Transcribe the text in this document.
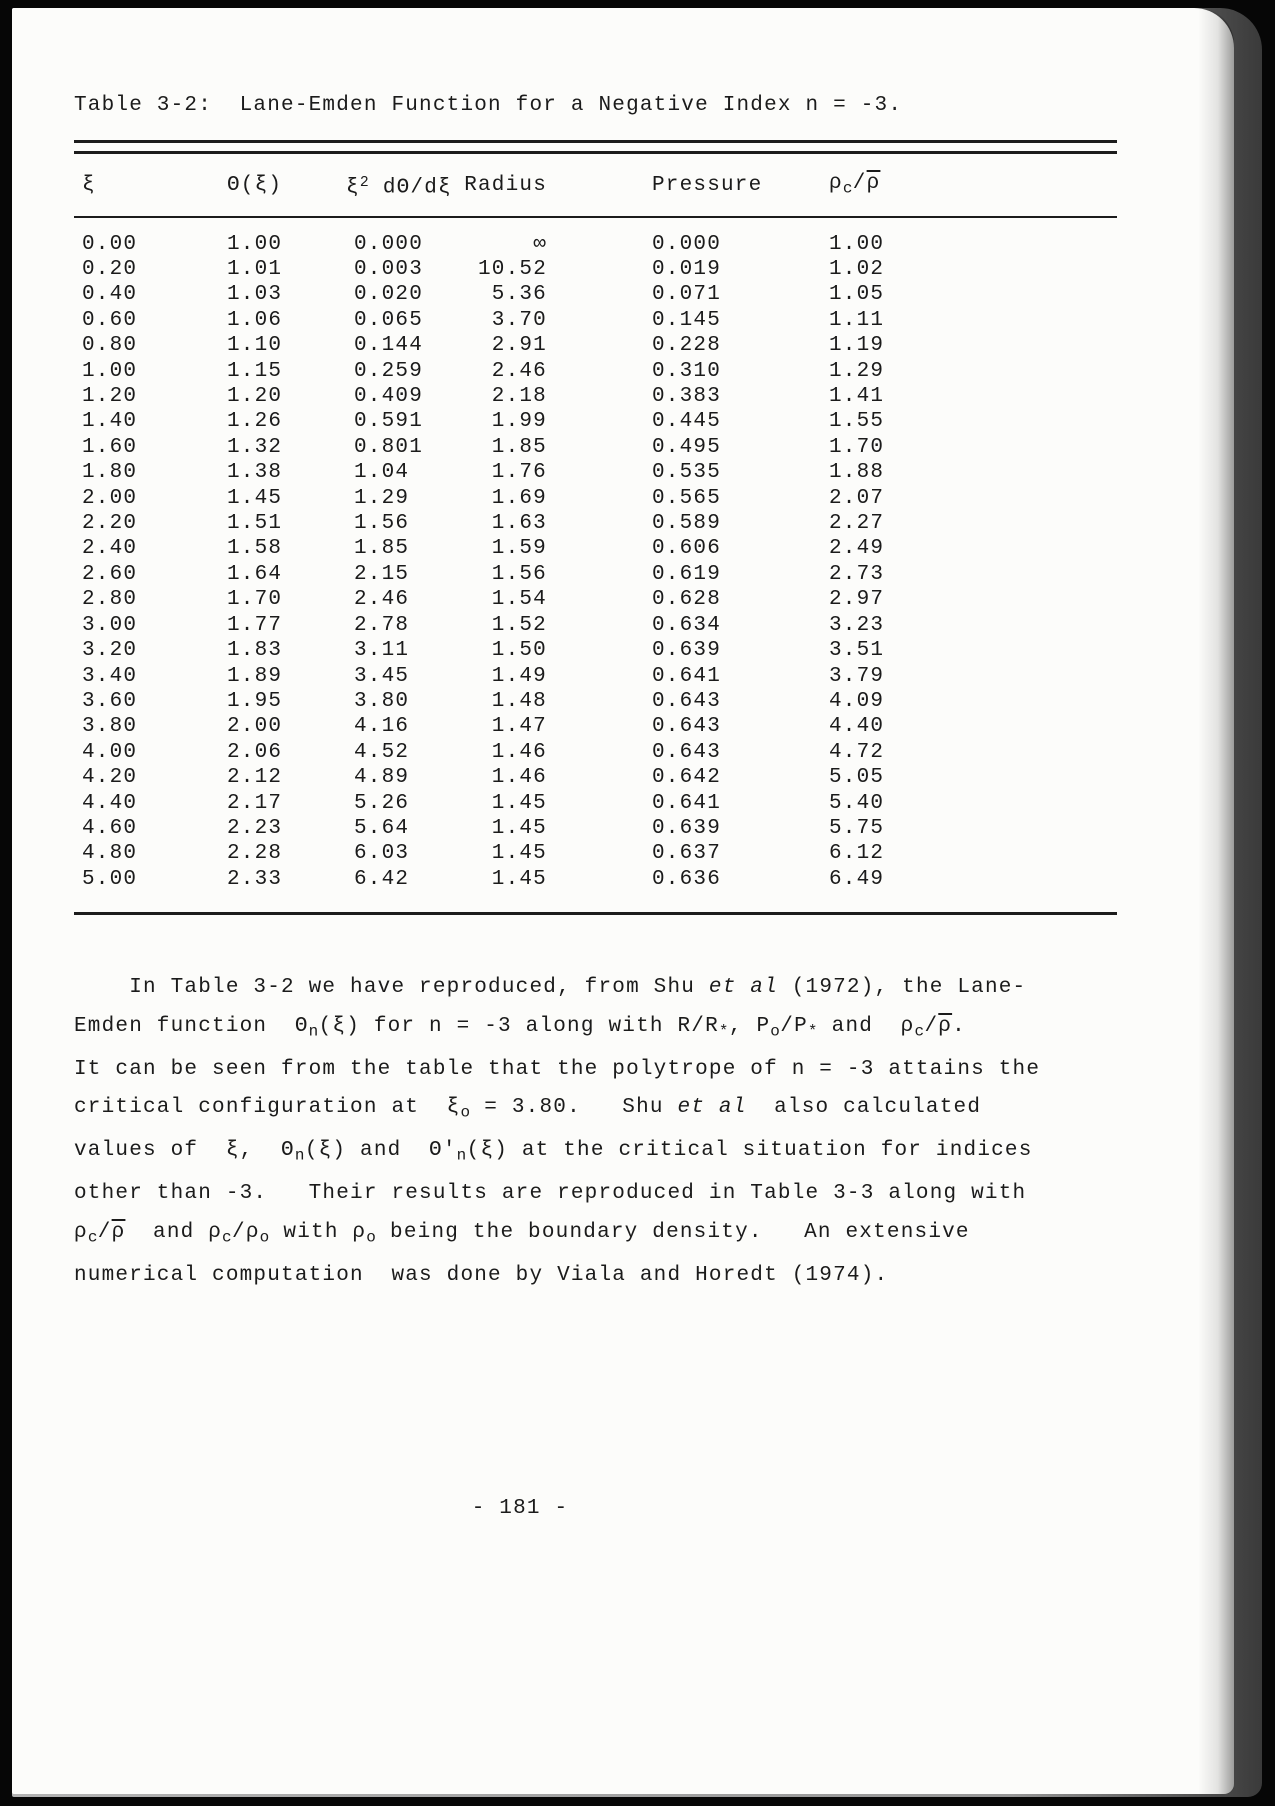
Table 3-2:  Lane-Emden Function for a Negative Index n = -3.
ξ	Θ(ξ)	$\xi^2$ dΘ/dξ	Radius	Pressure	$\rho_c/\overline{\rho}$
0.00	1.00	0.000	∞	0.000	1.00
0.20	1.01	0.003	10.52	0.019	1.02
0.40	1.03	0.020	5.36	0.071	1.05
0.60	1.06	0.065	3.70	0.145	1.11
0.80	1.10	0.144	2.91	0.228	1.19
1.00	1.15	0.259	2.46	0.310	1.29
1.20	1.20	0.409	2.18	0.383	1.41
1.40	1.26	0.591	1.99	0.445	1.55
1.60	1.32	0.801	1.85	0.495	1.70
1.80	1.38	1.04	1.76	0.535	1.88
2.00	1.45	1.29	1.69	0.565	2.07
2.20	1.51	1.56	1.63	0.589	2.27
2.40	1.58	1.85	1.59	0.606	2.49
2.60	1.64	2.15	1.56	0.619	2.73
2.80	1.70	2.46	1.54	0.628	2.97
3.00	1.77	2.78	1.52	0.634	3.23
3.20	1.83	3.11	1.50	0.639	3.51
3.40	1.89	3.45	1.49	0.641	3.79
3.60	1.95	3.80	1.48	0.643	4.09
3.80	2.00	4.16	1.47	0.643	4.40
4.00	2.06	4.52	1.46	0.643	4.72
4.20	2.12	4.89	1.46	0.642	5.05
4.40	2.17	5.26	1.45	0.641	5.40
4.60	2.23	5.64	1.45	0.639	5.75
4.80	2.28	6.03	1.45	0.637	6.12
5.00	2.33	6.42	1.45	0.636	6.49
In Table 3-2 we have reproduced, from Shu et al (1972), the Lane-
Emden function  $\Theta_n(\xi)$ for n = -3 along with $R/R_*$, $P_o/P_*$ and  $\rho_c/\overline{\rho}$.
It can be seen from the table that the polytrope of n = -3 attains the
critical configuration at  $\xi_o = 3.80$.   Shu et al  also calculated
values of  ξ,  $\Theta_n(\xi)$ and  $\Theta'_n(\xi)$ at the critical situation for indices
other than -3.   Their results are reproduced in Table 3-3 along with
$\rho_c/\overline{\rho}$  and $\rho_c/\rho_o$ with $\rho_o$ being the boundary density.   An extensive
numerical computation  was done by Viala and Horedt (1974).
- 181 -
